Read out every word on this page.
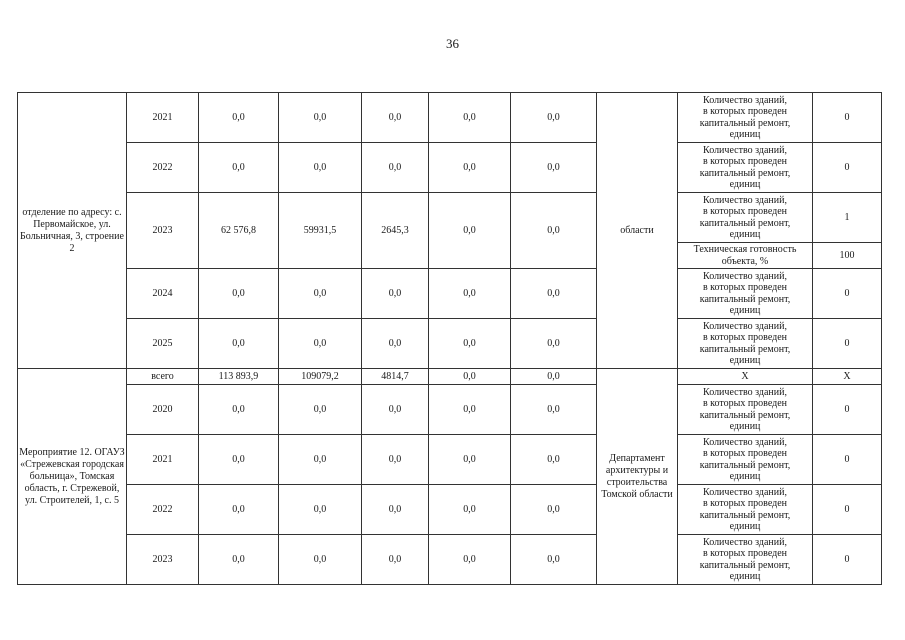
36
отделение по адресу: с. Первомайское, ул. Больничная, 3, строение 2	2021	0,0	0,0	0,0	0,0	0,0	области	Количество зданий,
в которых проведен
капитальный ремонт,
единиц	0
	2022	0,0	0,0	0,0	0,0	0,0		Количество зданий,
в которых проведен
капитальный ремонт,
единиц	0
	2023	62 576,8	59931,5	2645,3	0,0	0,0		Количество зданий,
в которых проведен
капитальный ремонт,
единиц	1
								Техническая готовность
объекта, %	100
	2024	0,0	0,0	0,0	0,0	0,0		Количество зданий,
в которых проведен
капитальный ремонт,
единиц	0
	2025	0,0	0,0	0,0	0,0	0,0		Количество зданий,
в которых проведен
капитальный ремонт,
единиц	0
Мероприятие 12. ОГАУЗ «Стрежевская городская больница», Томская область, г. Стрежевой, ул. Строителей, 1, с. 5	всего	113 893,9	109079,2	4814,7	0,0	0,0	Департамент архитектуры и строительства Томской области	X	X
	2020	0,0	0,0	0,0	0,0	0,0		Количество зданий,
в которых проведен
капитальный ремонт,
единиц	0
	2021	0,0	0,0	0,0	0,0	0,0		Количество зданий,
в которых проведен
капитальный ремонт,
единиц	0
	2022	0,0	0,0	0,0	0,0	0,0		Количество зданий,
в которых проведен
капитальный ремонт,
единиц	0
	2023	0,0	0,0	0,0	0,0	0,0		Количество зданий,
в которых проведен
капитальный ремонт,
единиц	0
